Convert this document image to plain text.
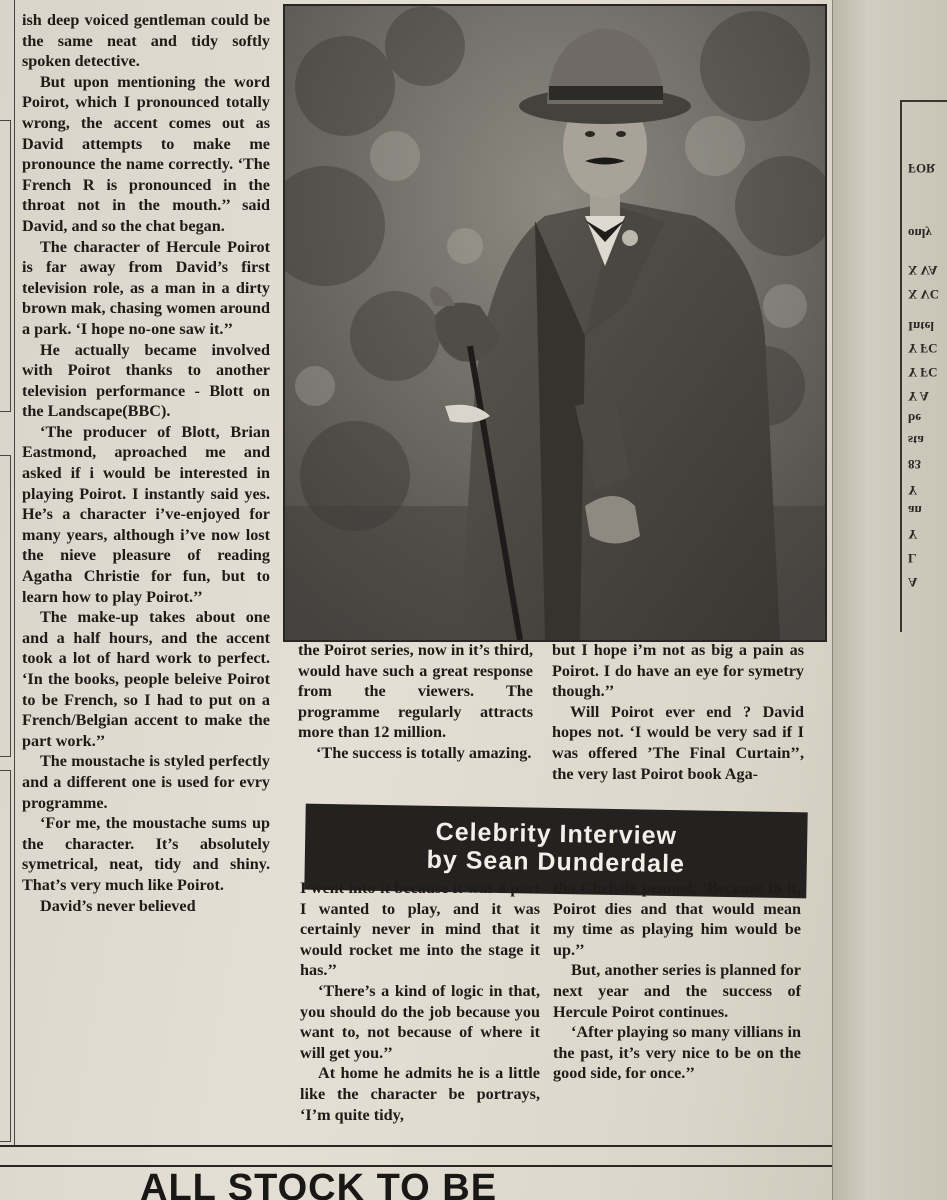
ish deep voiced gentleman could be the same neat and tidy softly spoken detective.

But upon mentioning the word Poirot, which I pronounced totally wrong, the accent comes out as David attempts to make me pronounce the name correctly. ‘The French R is pronounced in the throat not in the mouth.’’ said David, and so the chat began.

The character of Hercule Poirot is far away from David’s first television role, as a man in a dirty brown mak, chasing women around a park. ‘I hope no-one saw it.’’

He actually became involved with Poirot thanks to another television performance - Blott on the Landscape(BBC).

‘The producer of Blott, Brian Eastmond, aproached me and asked if i would be interested in playing Poirot. I instantly said yes. He’s a character i’ve-enjoyed for many years, although i’ve now lost the nieve pleasure of reading Agatha Christie for fun, but to learn how to play Poirot.’’

The make-up takes about one and a half hours, and the accent took a lot of hard work to perfect. ‘In the books, people beleive Poirot to be French, so I had to put on a French/Belgian accent to make the part work.’’

The moustache is styled perfectly and a different one is used for evry programme.

‘For me, the moustache sums up the character. It’s absolutely symetrical, neat, tidy and shiny. That’s very much like Poirot.

David’s never believed

the Poirot series, now in it’s third, would have such a great response from the viewers. The programme regularly attracts more than 12 million.

‘The success is totally amazing.

but I hope i’m not as big a pain as Poirot. I do have an eye for symetry though.’’

Will Poirot ever end ? David hopes not. ‘I would be very sad if I was offered ’The Final Curtain’’, the very last Poirot book Aga-

Celebrity Interview
by Sean Dunderdale

I went into it because it was a part I wanted to play, and it was certainly never in mind that it would rocket me into the stage it has.’’

‘There’s a kind of logic in that, you should do the job because you want to, not because of where it will get you.’’

At home he admits he is a little like the character be portrays, ‘I’m quite tidy,

tha Christie penned, ‘Because in it, Poirot dies and that would mean my time as playing him would be up.’’

But, another series is planned for next year and the success of Hercule Poirot continues.

‘After playing so many villians in the past, it’s very nice to be on the good side, for once.’’

ALL STOCK TO BE
FOR
only
X VA
X VC
Intel
Y FC
Y FC
Y A
be
sta
83
Y
an
Y
L
A
